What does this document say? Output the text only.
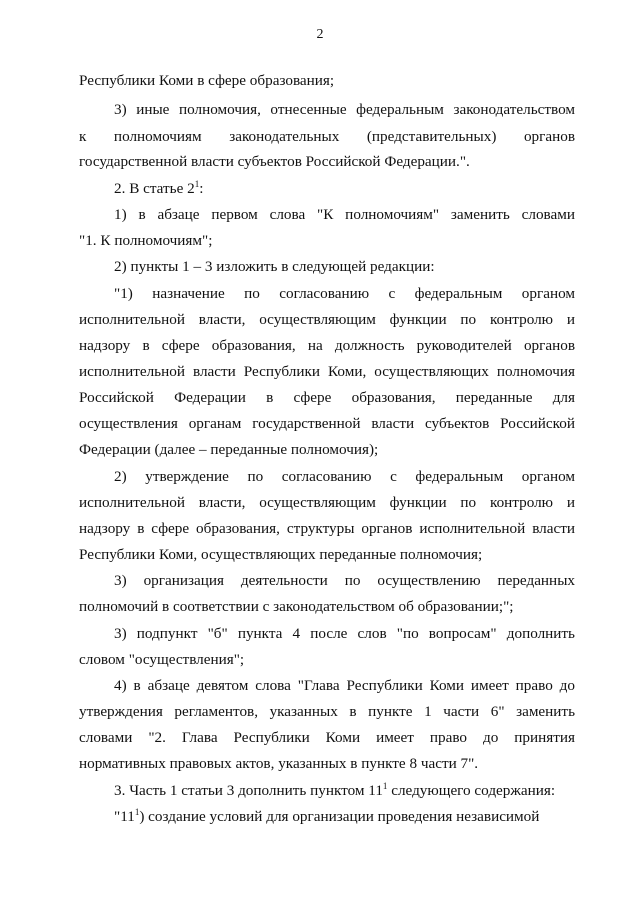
2
Республики Коми в сфере образования;
3) иные полномочия, отнесенные федеральным законодательством
к полномочиям законодательных (представительных) органов
государственной власти субъектов Российской Федерации.".
2. В статье $2^1$:
1) в абзаце первом слова "К полномочиям" заменить словами
"1. К полномочиям";
2) пункты 1 – 3 изложить в следующей редакции:
"1) назначение по согласованию с федеральным органом
исполнительной власти, осуществляющим функции по контролю и
надзору в сфере образования, на должность руководителей органов
исполнительной власти Республики Коми, осуществляющих полномочия
Российской Федерации в сфере образования, переданные для
осуществления органам государственной власти субъектов Российской
Федерации (далее – переданные полномочия);
2) утверждение по согласованию с федеральным органом
исполнительной власти, осуществляющим функции по контролю и
надзору в сфере образования, структуры органов исполнительной власти
Республики Коми, осуществляющих переданные полномочия;
3) организация деятельности по осуществлению переданных
полномочий в соответствии с законодательством об образовании;";
3) подпункт "б" пункта 4 после слов "по вопросам" дополнить
словом "осуществления";
4) в абзаце девятом слова "Глава Республики Коми имеет право до
утверждения регламентов, указанных в пункте 1 части 6" заменить
словами "2. Глава Республики Коми имеет право до принятия
нормативных правовых актов, указанных в пункте 8 части 7".
3. Часть 1 статьи 3 дополнить пунктом $11^1$ следующего содержания:
"$11^1$) создание условий для организации проведения независимой
